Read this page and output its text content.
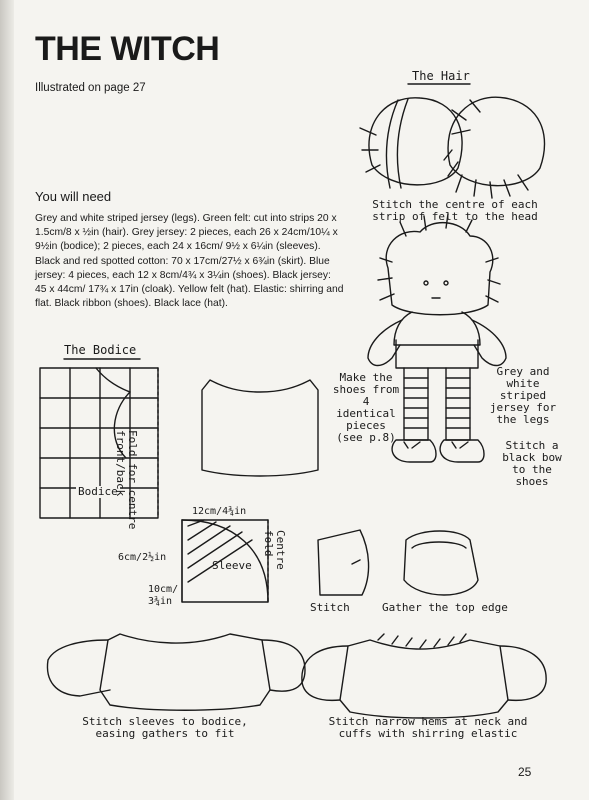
THE WITCH
Illustrated on page 27
You will need
Grey and white striped jersey (legs). Green felt: cut into strips 20 x 1.5cm/8 x ½in (hair). Grey jersey: 2 pieces, each 26 x 24cm/10¼ x 9½in (bodice); 2 pieces, each 24 x 16cm/ 9½ x 6¼in (sleeves). Black and red spotted cotton: 70 x 17cm/27½ x 6¾in (skirt). Blue jersey: 4 pieces, each 12 x 8cm/4¾ x 3¼in (shoes). Black jersey: 45 x 44cm/ 17¾ x 17in (cloak). Yellow felt (hat). Elastic: shirring and flat. Black ribbon (shoes). Black lace (hat).
The Hair
Stitch the centre of each strip of felt to the head
Make the shoes from 4 identical pieces (see p.8)
Grey and white striped jersey for the legs
Stitch a black bow to the shoes
The Bodice
Bodice Fold for centre front/back
12cm/4¾in
6cm/2½in
10cm/ 3¾in
Sleeve	Centre fold
Stitch	Gather the top edge
Stitch sleeves to bodice, easing gathers to fit
Stitch narrow hems at neck and cuffs with shirring elastic
25
